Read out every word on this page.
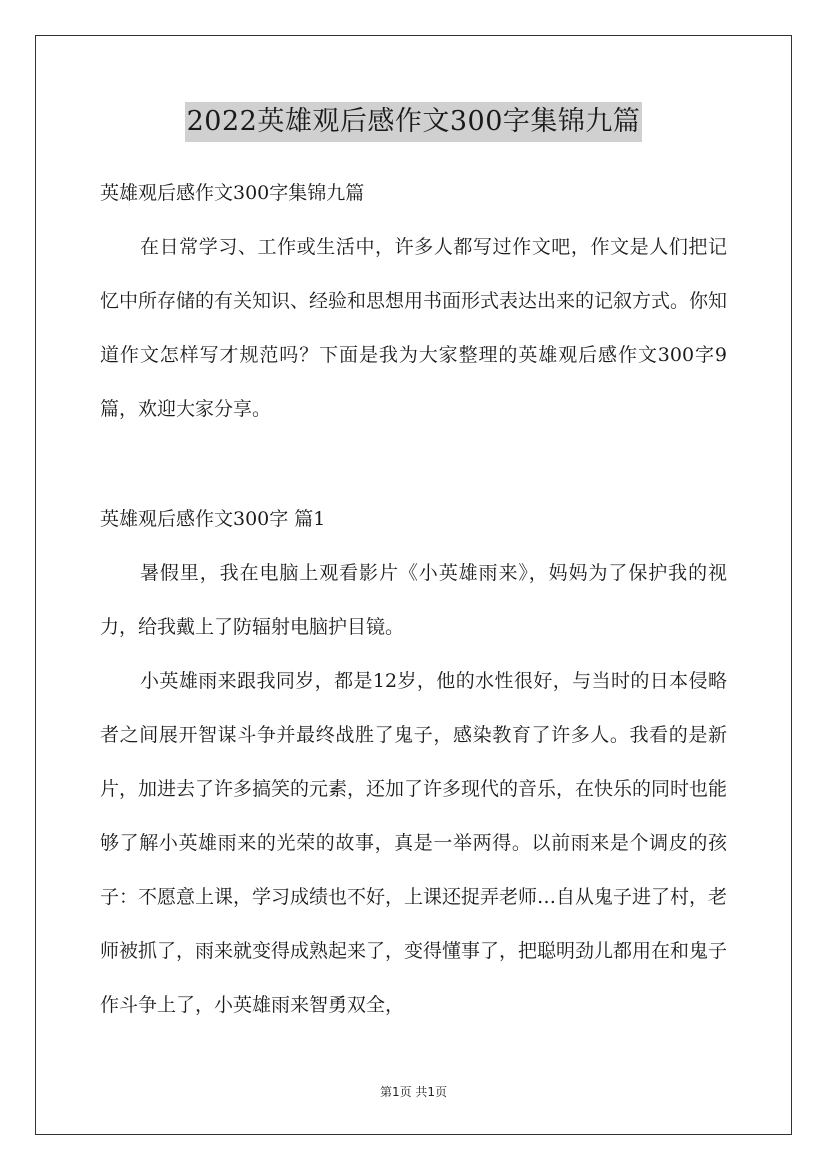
2022英雄观后感作文300字集锦九篇

英雄观后感作文300字集锦九篇

在日常学习、工作或生活中，许多人都写过作文吧，作文是人们把记忆中所存储的有关知识、经验和思想用书面形式表达出来的记叙方式。你知道作文怎样写才规范吗？下面是我为大家整理的英雄观后感作文300字9篇，欢迎大家分享。

英雄观后感作文300字 篇1

暑假里，我在电脑上观看影片《小英雄雨来》，妈妈为了保护我的视力，给我戴上了防辐射电脑护目镜。

小英雄雨来跟我同岁，都是12岁，他的水性很好，与当时的日本侵略者之间展开智谋斗争并最终战胜了鬼子，感染教育了许多人。我看的是新片，加进去了许多搞笑的元素，还加了许多现代的音乐，在快乐的同时也能够了解小英雄雨来的光荣的故事，真是一举两得。以前雨来是个调皮的孩子：不愿意上课，学习成绩也不好，上课还捉弄老师…自从鬼子进了村，老师被抓了，雨来就变得成熟起来了，变得懂事了，把聪明劲儿都用在和鬼子作斗争上了，小英雄雨来智勇双全，

第1页 共1页
